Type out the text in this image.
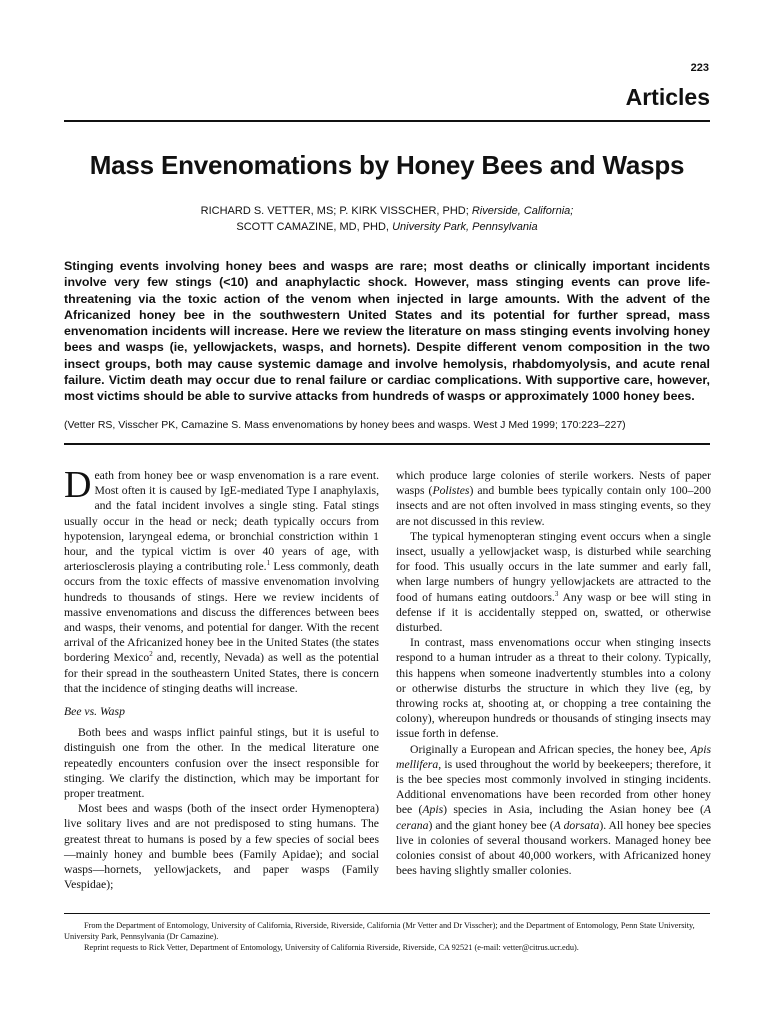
223
Articles
Mass Envenomations by Honey Bees and Wasps
RICHARD S. VETTER, MS; P. KIRK VISSCHER, PHD; Riverside, California;
SCOTT CAMAZINE, MD, PHD, University Park, Pennsylvania
Stinging events involving honey bees and wasps are rare; most deaths or clinically important incidents involve very few stings (<10) and anaphylactic shock. However, mass stinging events can prove life-threatening via the toxic action of the venom when injected in large amounts. With the advent of the Africanized honey bee in the southwestern United States and its potential for further spread, mass envenomation incidents will increase. Here we review the literature on mass stinging events involving honey bees and wasps (ie, yellowjackets, wasps, and hornets). Despite different venom composition in the two insect groups, both may cause systemic damage and involve hemolysis, rhabdomyolysis, and acute renal failure. Victim death may occur due to renal failure or cardiac complications. With supportive care, however, most victims should be able to survive attacks from hundreds of wasps or approximately 1000 honey bees.
(Vetter RS, Visscher PK, Camazine S. Mass envenomations by honey bees and wasps. West J Med 1999; 170:223–227)

Death from honey bee or wasp envenomation is a rare event. Most often it is caused by IgE-mediated Type I anaphylaxis, and the fatal incident involves a single sting. Fatal stings usually occur in the head or neck; death typically occurs from hypotension, laryngeal edema, or bronchial constriction within 1 hour, and the typical victim is over 40 years of age, with arteriosclerosis playing a contributing role.$^1$ Less commonly, death occurs from the toxic effects of massive envenomation involving hundreds to thousands of stings. Here we review incidents of massive envenomations and discuss the differences between bees and wasps, their venoms, and potential for danger. With the recent arrival of the Africanized honey bee in the United States (the states bordering Mexico$^2$ and, recently, Nevada) as well as the potential for their spread in the southeastern United States, there is concern that the incidence of stinging deaths will increase.

Bee vs. Wasp

Both bees and wasps inflict painful stings, but it is useful to distinguish one from the other. In the medical literature one repeatedly encounters confusion over the insect responsible for stinging. We clarify the distinction, which may be important for proper treatment.

Most bees and wasps (both of the insect order Hymenoptera) live solitary lives and are not predisposed to sting humans. The greatest threat to humans is posed by a few species of social bees—mainly honey and bumble bees (Family Apidae); and social wasps—hornets, yellowjackets, and paper wasps (Family Vespidae);

which produce large colonies of sterile workers. Nests of paper wasps (Polistes) and bumble bees typically contain only 100–200 insects and are not often involved in mass stinging events, so they are not discussed in this review.

The typical hymenopteran stinging event occurs when a single insect, usually a yellowjacket wasp, is disturbed while searching for food. This usually occurs in the late summer and early fall, when large numbers of hungry yellowjackets are attracted to the food of humans eating outdoors.$^3$ Any wasp or bee will sting in defense if it is accidentally stepped on, swatted, or otherwise disturbed.

In contrast, mass envenomations occur when stinging insects respond to a human intruder as a threat to their colony. Typically, this happens when someone inadvertently stumbles into a colony or otherwise disturbs the structure in which they live (eg, by throwing rocks at, shooting at, or chopping a tree containing the colony), whereupon hundreds or thousands of stinging insects may issue forth in defense.

Originally a European and African species, the honey bee, Apis mellifera, is used throughout the world by beekeepers; therefore, it is the bee species most commonly involved in stinging incidents. Additional envenomations have been recorded from other honey bee (Apis) species in Asia, including the Asian honey bee (A cerana) and the giant honey bee (A dorsata). All honey bee species live in colonies of several thousand workers. Managed honey bee colonies consist of about 40,000 workers, with Africanized honey bees having slightly smaller colonies.

From the Department of Entomology, University of California, Riverside, Riverside, California (Mr Vetter and Dr Visscher); and the Department of Entomology, Penn State University, University Park, Pennsylvania (Dr Camazine).

Reprint requests to Rick Vetter, Department of Entomology, University of California Riverside, Riverside, CA 92521 (e-mail: vetter@citrus.ucr.edu).
